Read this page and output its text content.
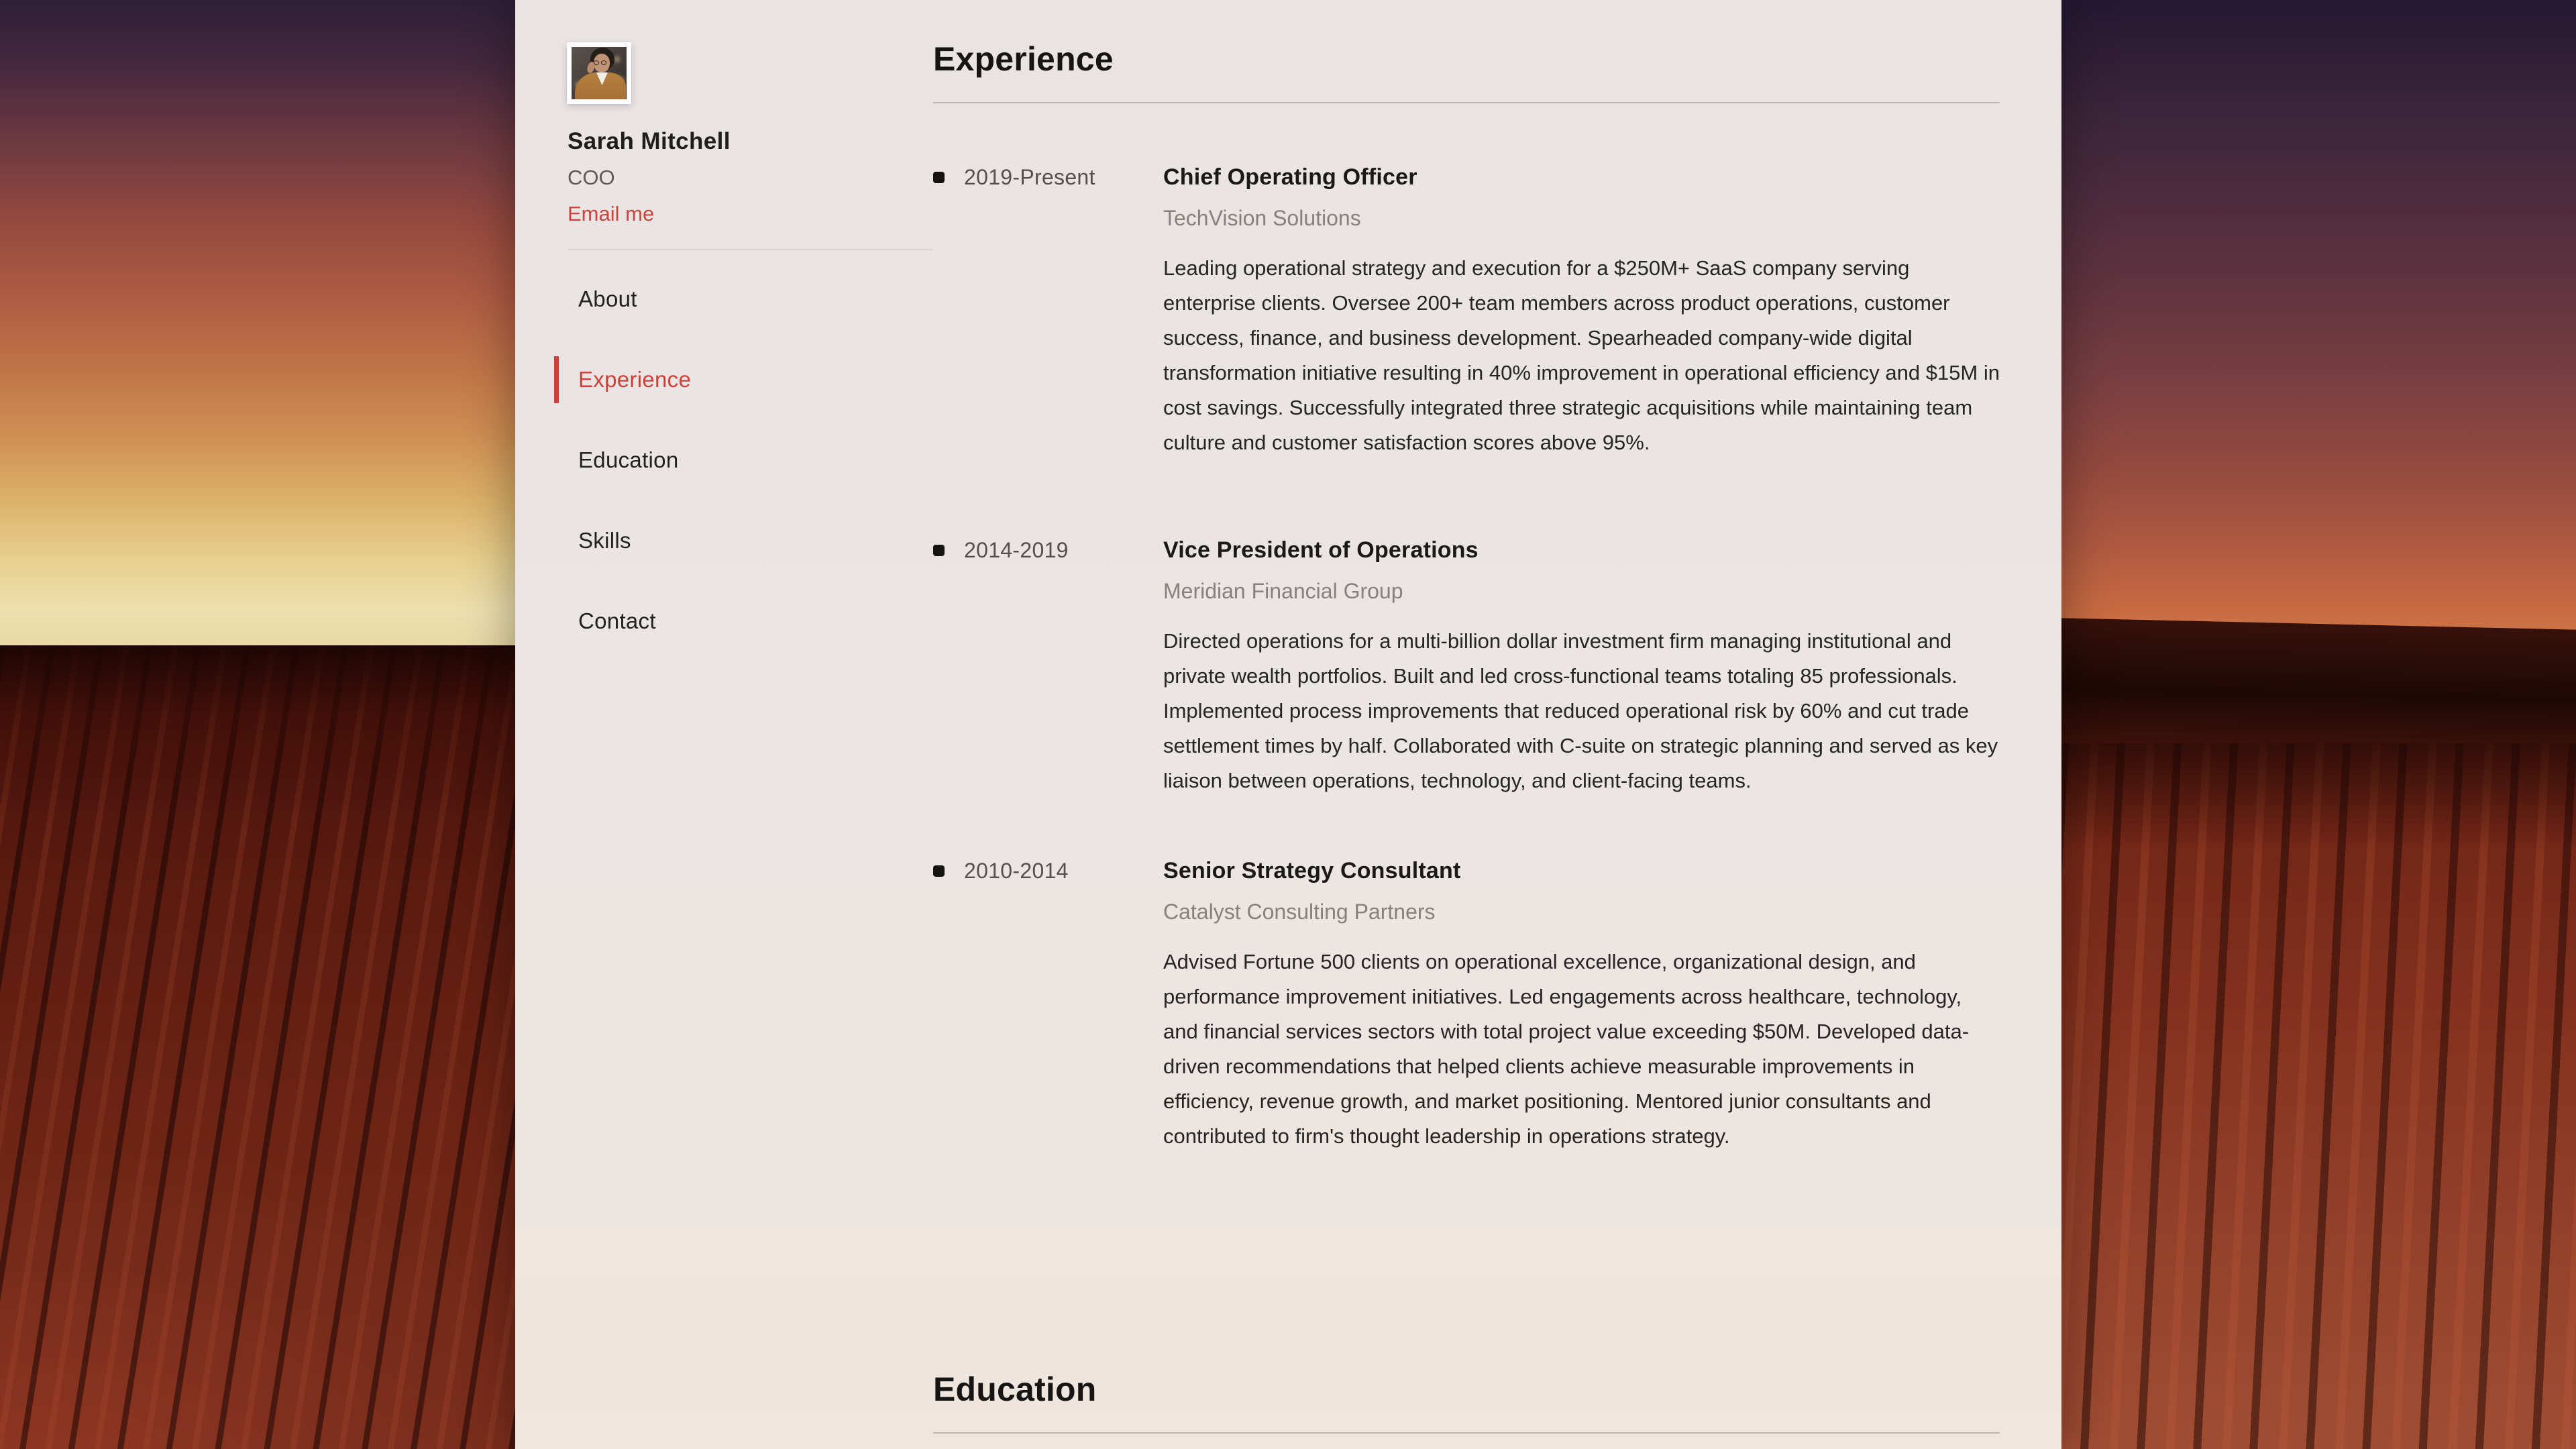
Sarah Mitchell
COO
Email me
About
Experience
Education
Skills
Contact
Experience
2019-Present	Chief Operating Officer
TechVision Solutions

Leading operational strategy and execution for a $250M+ SaaS company serving enterprise clients. Oversee 200+ team members across product operations, customer success, finance, and business development. Spearheaded company-wide digital transformation initiative resulting in 40% improvement in operational efficiency and $15M in cost savings. Successfully integrated three strategic acquisitions while maintaining team culture and customer satisfaction scores above 95%.

2014-2019	Vice President of Operations
Meridian Financial Group

Directed operations for a multi-billion dollar investment firm managing institutional and private wealth portfolios. Built and led cross-functional teams totaling 85 professionals. Implemented process improvements that reduced operational risk by 60% and cut trade settlement times by half. Collaborated with C-suite on strategic planning and served as key liaison between operations, technology, and client-facing teams.

2010-2014	Senior Strategy Consultant
Catalyst Consulting Partners

Advised Fortune 500 clients on operational excellence, organizational design, and performance improvement initiatives. Led engagements across healthcare, technology, and financial services sectors with total project value exceeding $50M. Developed data-driven recommendations that helped clients achieve measurable improvements in efficiency, revenue growth, and market positioning. Mentored junior consultants and contributed to firm's thought leadership in operations strategy.

Education
